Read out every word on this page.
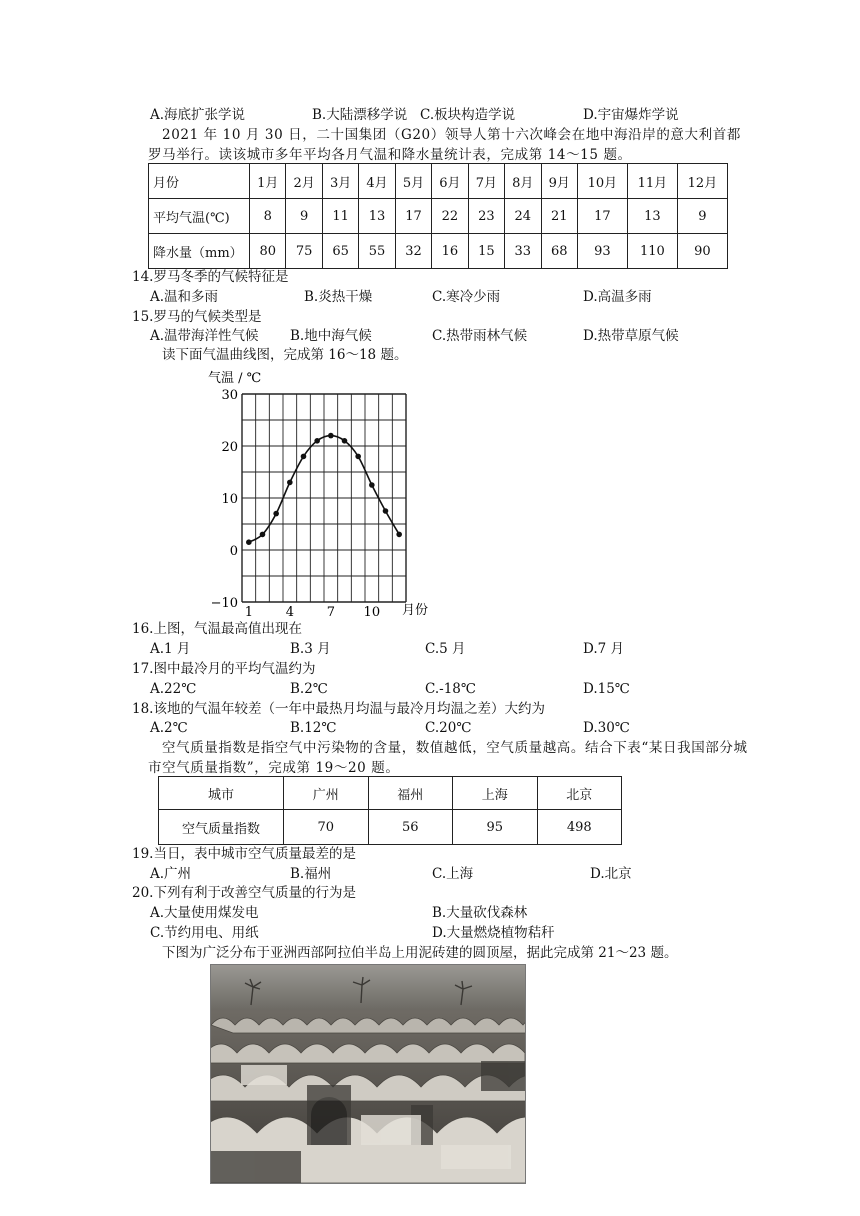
A.海底扩张学说	B.大陆漂移学说 C.板块构造学说	D.宇宙爆炸学说
2021 年 10 月 30 日，二十国集团（G20）领导人第十六次峰会在地中海沿岸的意大利首都罗马举行。读该城市多年平均各月气温和降水量统计表，完成第 14～15 题。
月份	1月	2月	3月	4月	5月	6月	7月	8月	9月	10月	11月	12月
平均气温(℃)	8	9	11	13	17	22	23	24	21	17	13	9
降水量（mm）	80	75	65	55	32	16	15	33	68	93	110	90
14.罗马冬季的气候特征是
A.温和多雨	B.炎热干燥	C.寒冷少雨	D.高温多雨
15.罗马的气候类型是
A.温带海洋性气候 B.地中海气候	C.热带雨林气候	D.热带草原气候
读下面气温曲线图，完成第 16～18 题。
气温 / ℃
30
20
10
0
−10
1	4	7 10 月份
16.上图，气温最高值出现在
A.1 月	B.3 月	C.5 月	D.7 月
17.图中最冷月的平均气温约为
A.22℃	B.2℃	C.-18℃	D.15℃
18.该地的气温年较差（一年中最热月均温与最冷月均温之差）大约为
A.2℃	B.12℃	C.20℃	D.30℃
空气质量指数是指空气中污染物的含量，数值越低，空气质量越高。结合下表“某日我国部分城市空气质量指数”，完成第 19～20 题。
城市	广州	福州	上海	北京
空气质量指数	70	56	95	498
19.当日，表中城市空气质量最差的是
A.广州	B.福州	C.上海	D.北京
20.下列有利于改善空气质量的行为是
A.大量使用煤发电	B.大量砍伐森林
C.节约用电、用纸	D.大量燃烧植物秸秆
下图为广泛分布于亚洲西部阿拉伯半岛上用泥砖建的圆顶屋，据此完成第 21～23 题。
